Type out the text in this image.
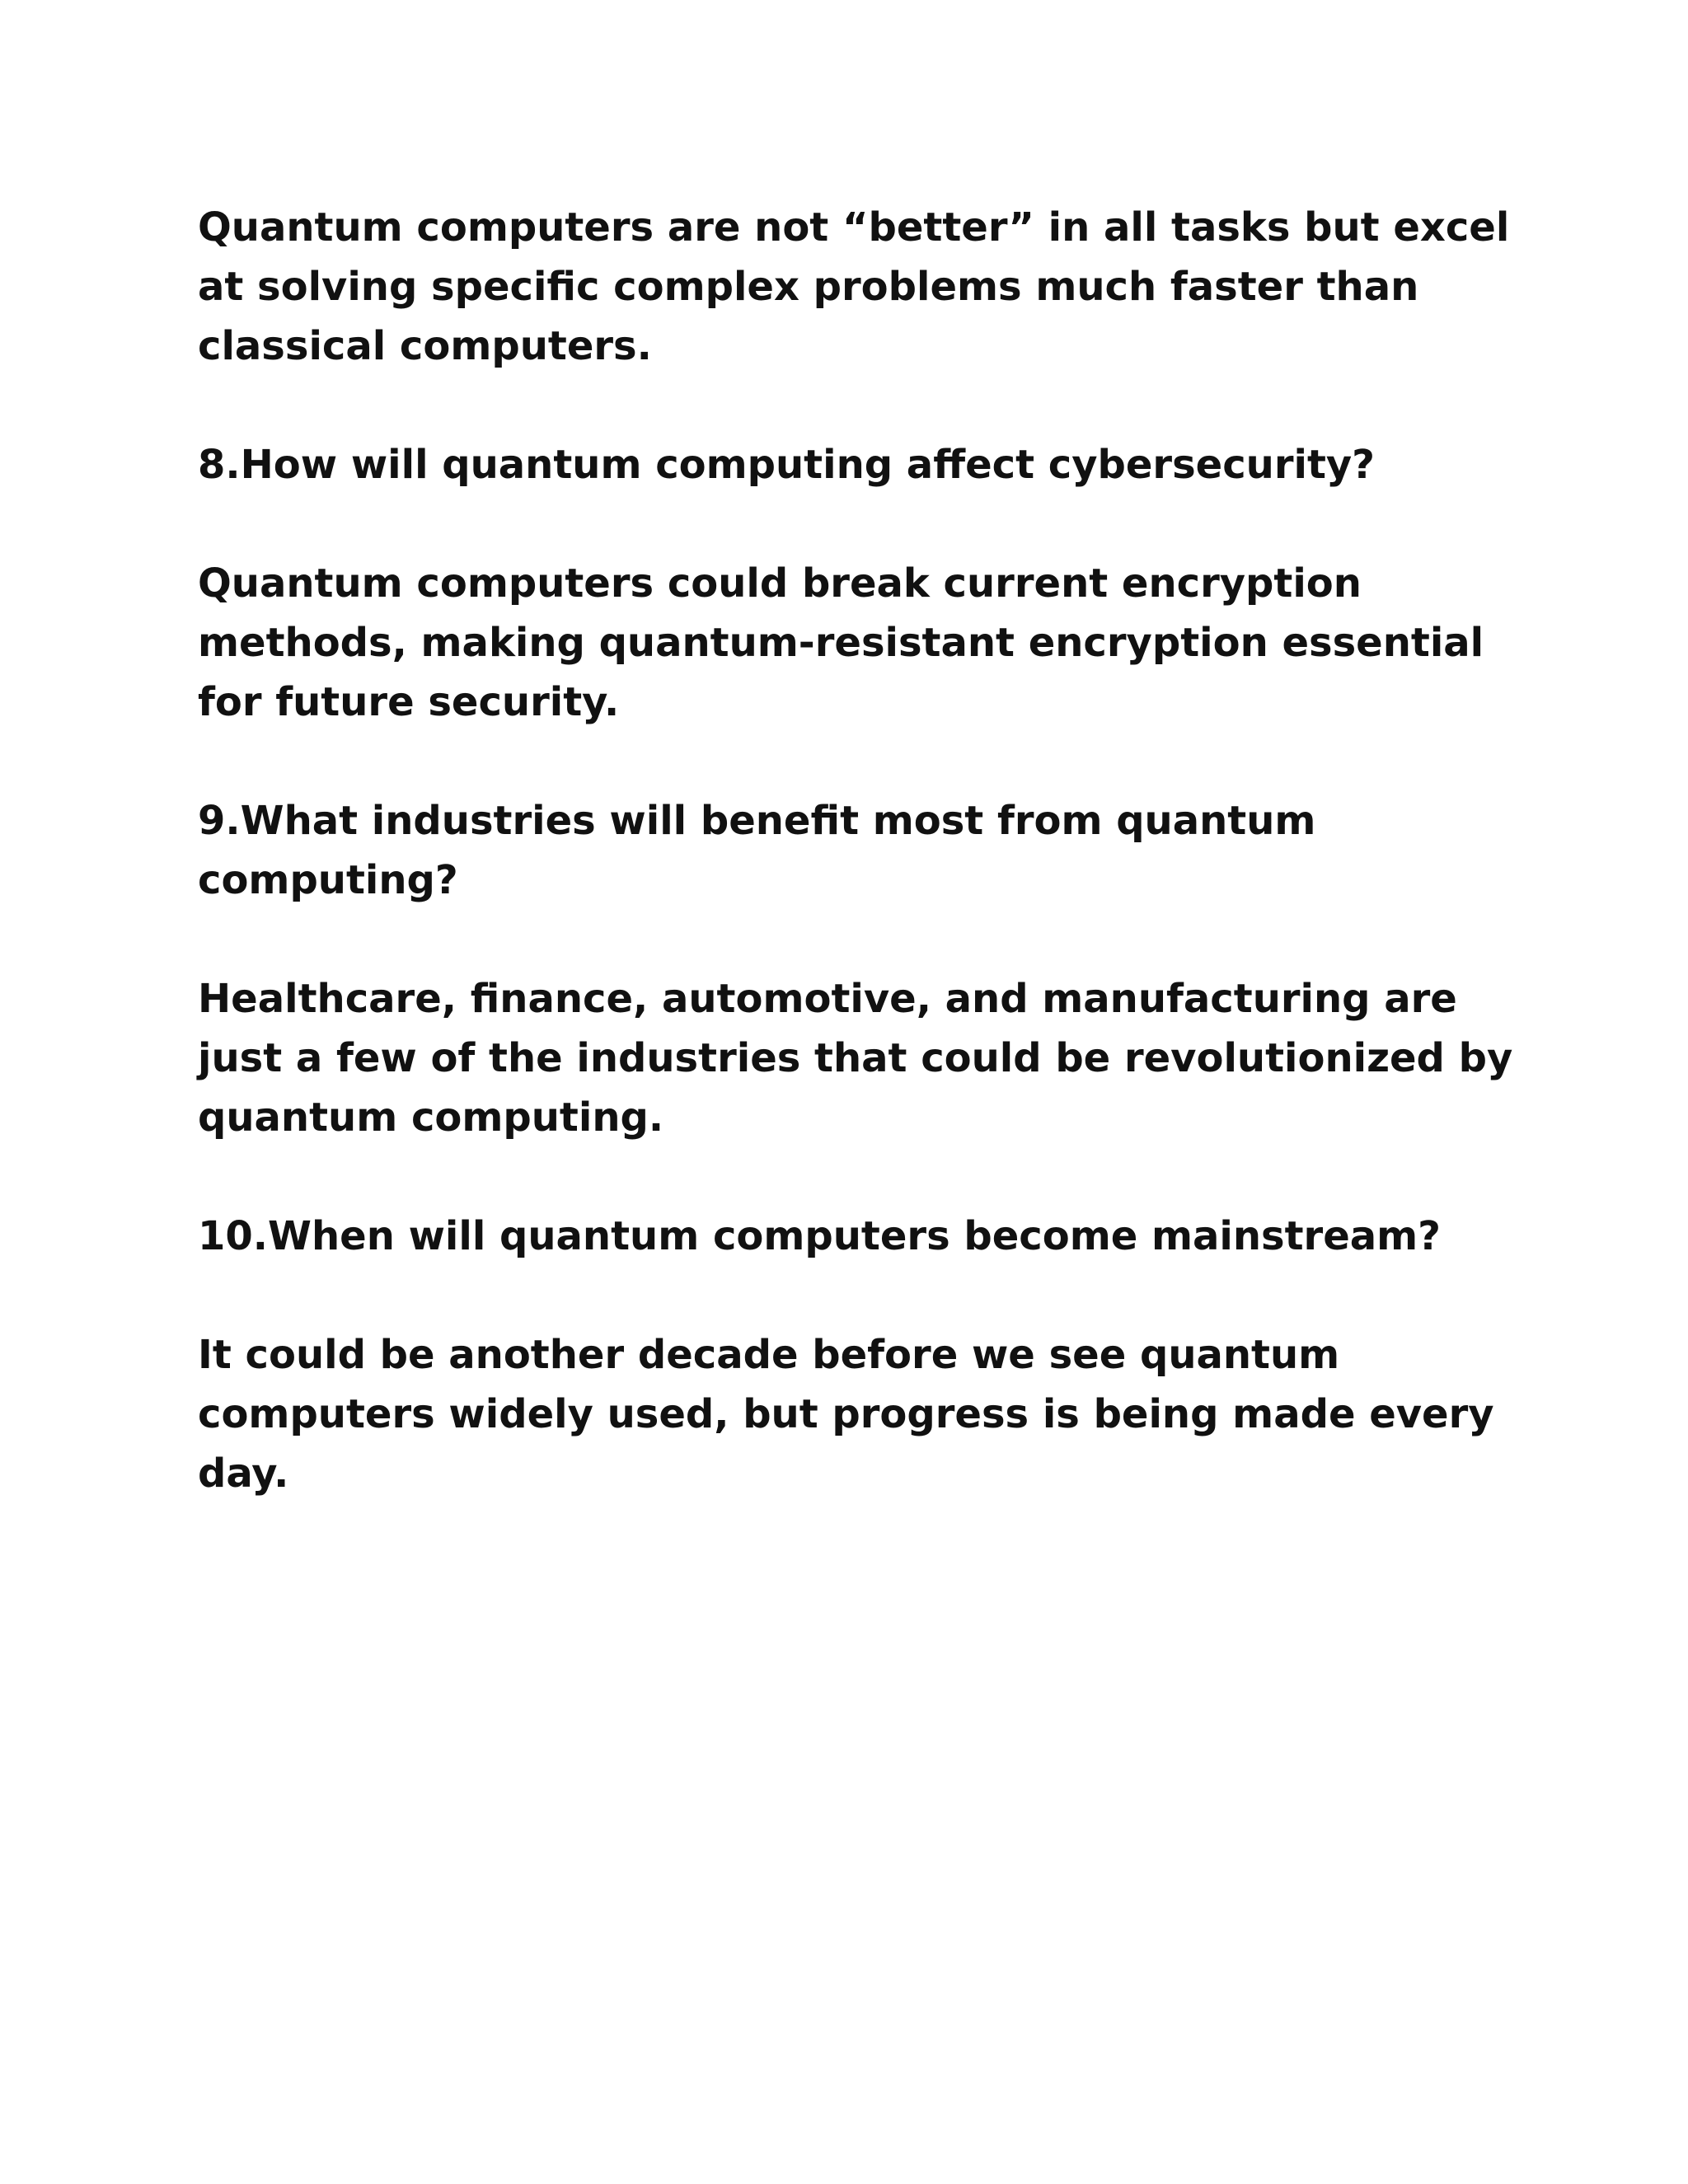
Quantum computers are not “better” in all tasks but excel at solving specific complex problems much faster than classical computers.

8.How will quantum computing affect cybersecurity?

Quantum computers could break current encryption methods, making quantum-resistant encryption essential for future security.

9.What industries will benefit most from quantum computing?

Healthcare, finance, automotive, and manufacturing are just a few of the industries that could be revolutionized by quantum computing.

10.When will quantum computers become mainstream?

It could be another decade before we see quantum computers widely used, but progress is being made every day.
